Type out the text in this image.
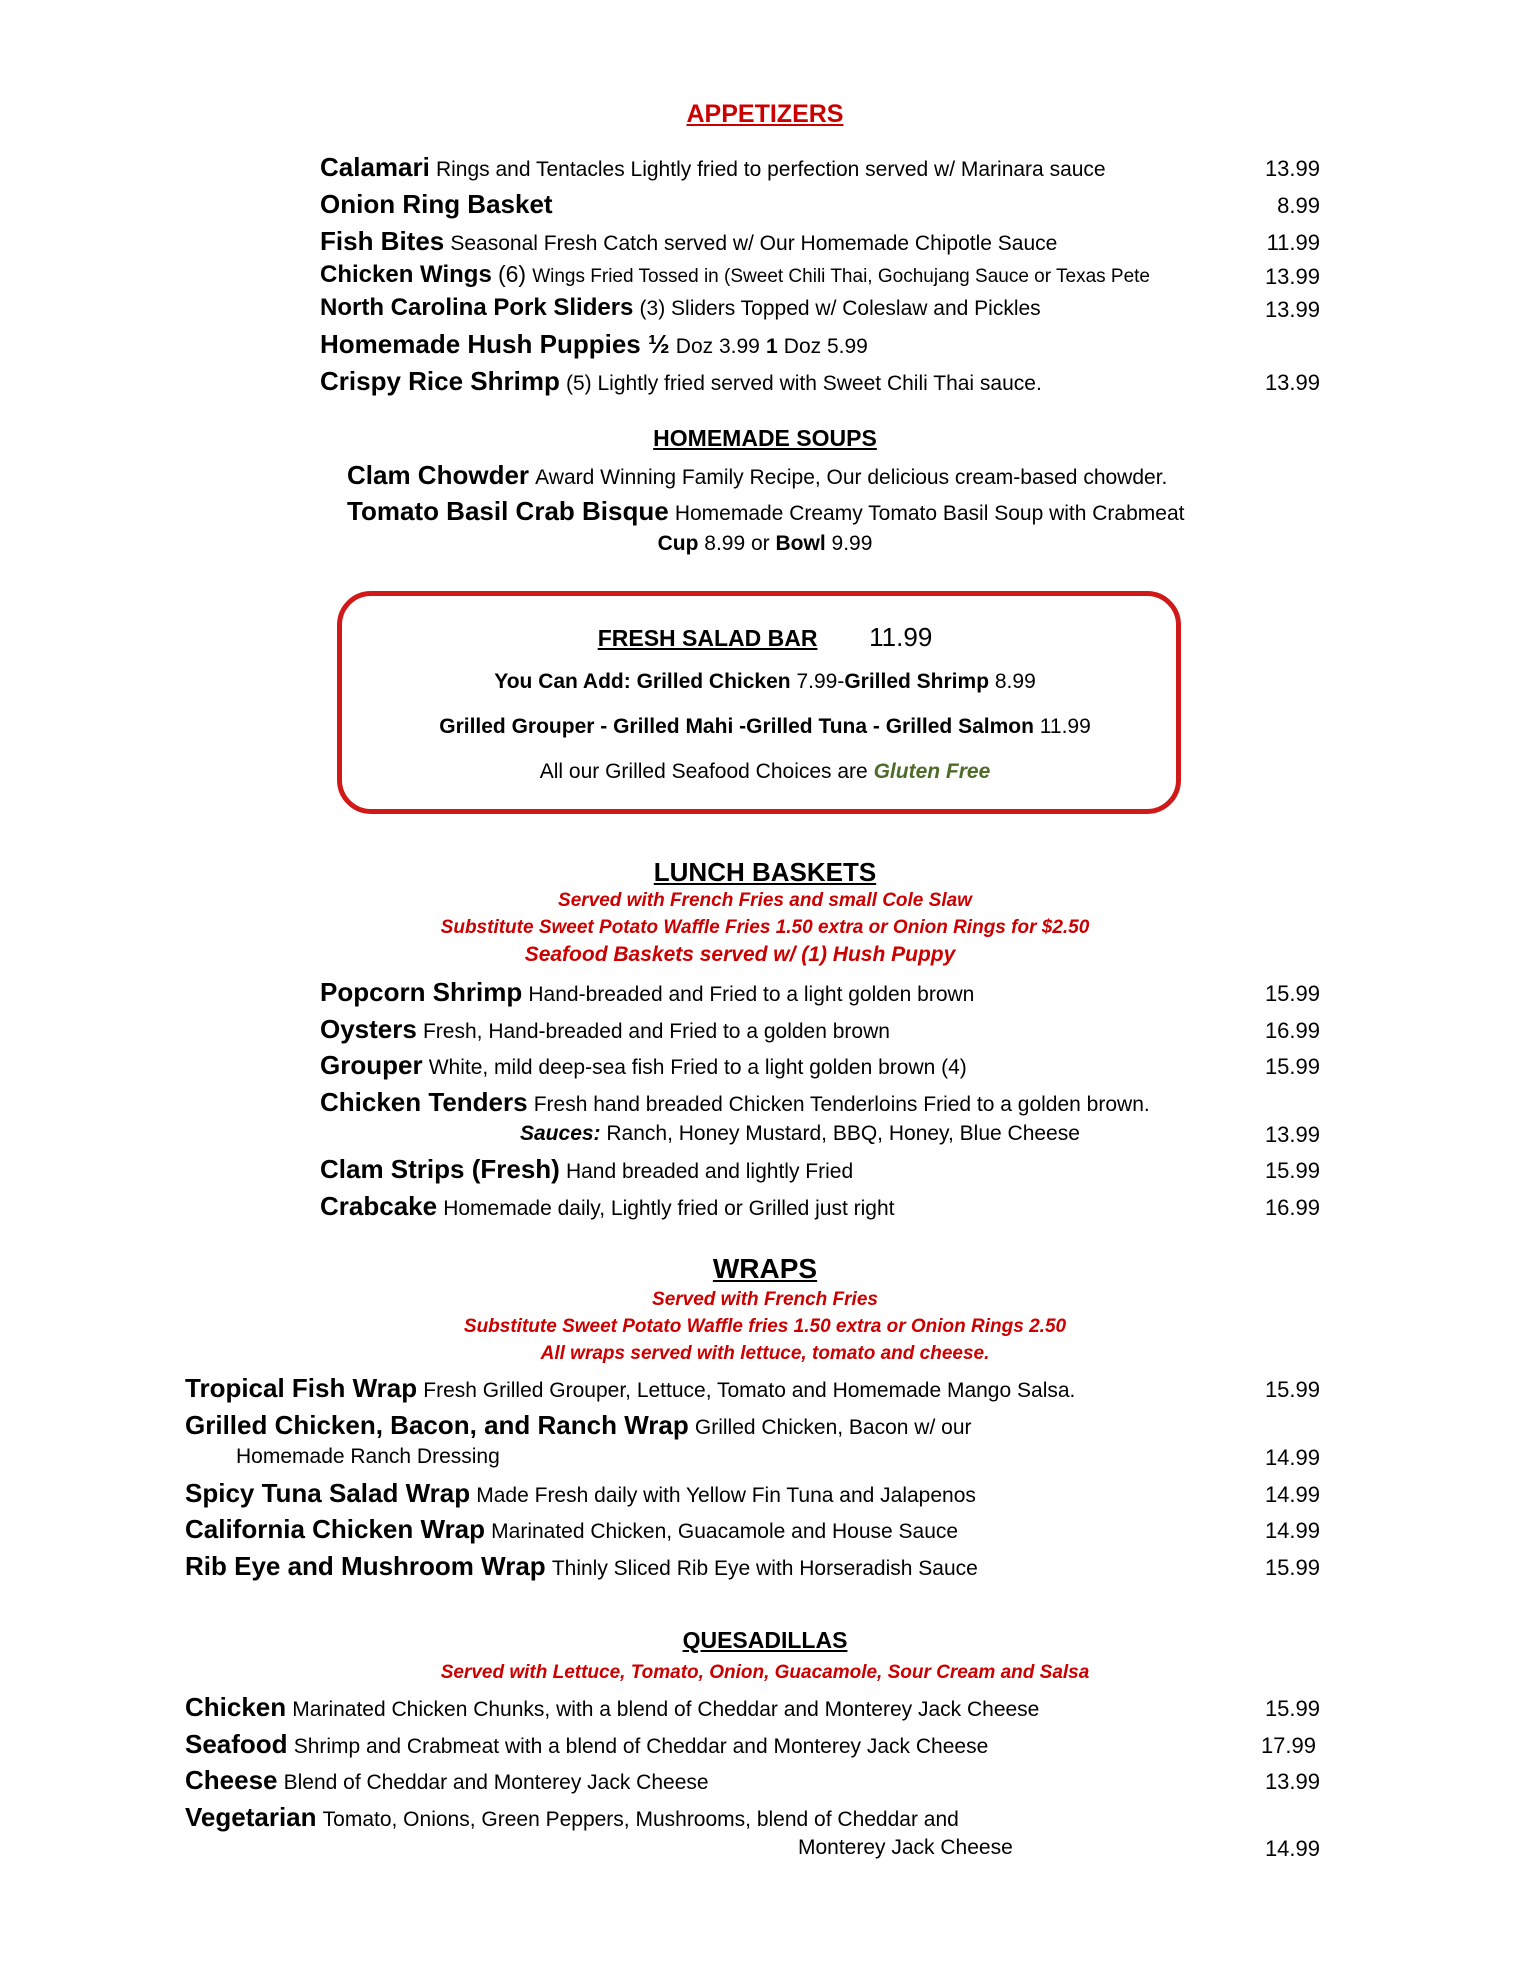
APPETIZERS
Calamari Rings and Tentacles Lightly fried to perfection served w/ Marinara sauce	13.99
Onion Ring Basket	8.99
Fish Bites Seasonal Fresh Catch served w/ Our Homemade Chipotle Sauce	11.99
Chicken Wings (6) Wings Fried Tossed in (Sweet Chili Thai, Gochujang Sauce or Texas Pete	13.99
North Carolina Pork Sliders (3) Sliders Topped w/ Coleslaw and Pickles	13.99
Homemade Hush Puppies ½ Doz 3.99 1 Doz 5.99
Crispy Rice Shrimp (5) Lightly fried served with Sweet Chili Thai sauce.	13.99
HOMEMADE SOUPS
Clam Chowder Award Winning Family Recipe, Our delicious cream-based chowder.
Tomato Basil Crab Bisque Homemade Creamy Tomato Basil Soup with Crabmeat
Cup 8.99 or Bowl 9.99
FRESH SALAD BAR 11.99
You Can Add: Grilled Chicken 7.99-Grilled Shrimp 8.99
Grilled Grouper - Grilled Mahi -Grilled Tuna - Grilled Salmon 11.99
All our Grilled Seafood Choices are Gluten Free
LUNCH BASKETS
Served with French Fries and small Cole Slaw
Substitute Sweet Potato Waffle Fries 1.50 extra or Onion Rings for $2.50
Seafood Baskets served w/ (1) Hush Puppy
Popcorn Shrimp Hand-breaded and Fried to a light golden brown	15.99
Oysters Fresh, Hand-breaded and Fried to a golden brown	16.99
Grouper White, mild deep-sea fish Fried to a light golden brown (4)	15.99
Chicken Tenders Fresh hand breaded Chicken Tenderloins Fried to a golden brown.
Sauces: Ranch, Honey Mustard, BBQ, Honey, Blue Cheese	13.99
Clam Strips (Fresh) Hand breaded and lightly Fried	15.99
Crabcake Homemade daily, Lightly fried or Grilled just right	16.99
WRAPS
Served with French Fries
Substitute Sweet Potato Waffle fries 1.50 extra or Onion Rings 2.50
All wraps served with lettuce, tomato and cheese.
Tropical Fish Wrap Fresh Grilled Grouper, Lettuce, Tomato and Homemade Mango Salsa.	15.99
Grilled Chicken, Bacon, and Ranch Wrap Grilled Chicken, Bacon w/ our
Homemade Ranch Dressing	14.99
Spicy Tuna Salad Wrap Made Fresh daily with Yellow Fin Tuna and Jalapenos	14.99
California Chicken Wrap Marinated Chicken, Guacamole and House Sauce	14.99
Rib Eye and Mushroom Wrap Thinly Sliced Rib Eye with Horseradish Sauce	15.99
QUESADILLAS
Served with Lettuce, Tomato, Onion, Guacamole, Sour Cream and Salsa
Chicken Marinated Chicken Chunks, with a blend of Cheddar and Monterey Jack Cheese	15.99
Seafood Shrimp and Crabmeat with a blend of Cheddar and Monterey Jack Cheese	17.99
Cheese Blend of Cheddar and Monterey Jack Cheese	13.99
Vegetarian Tomato, Onions, Green Peppers, Mushrooms, blend of Cheddar and
Monterey Jack Cheese	14.99
